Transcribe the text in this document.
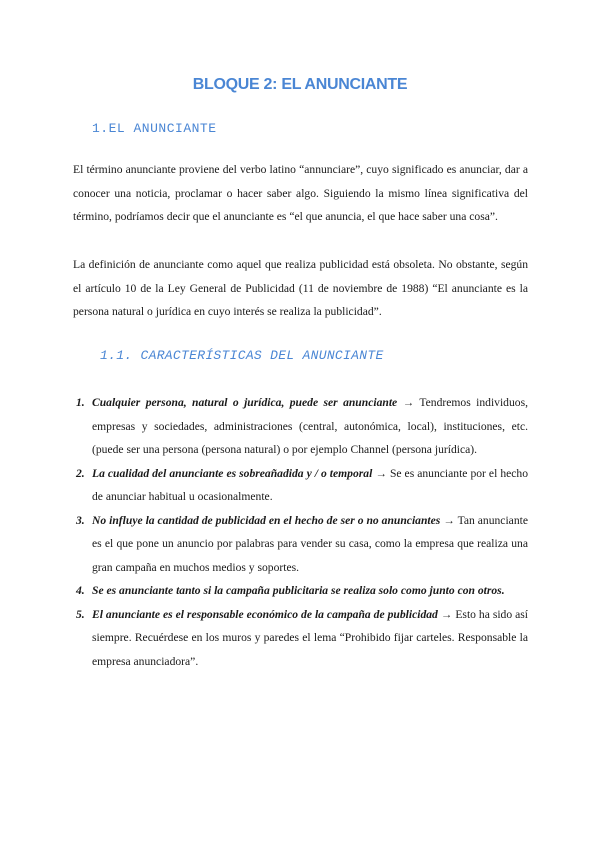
BLOQUE 2: EL ANUNCIANTE
1.EL ANUNCIANTE

El término anunciante proviene del verbo latino “annunciare”, cuyo significado es anunciar, dar a conocer una noticia, proclamar o hacer saber algo. Siguiendo la mismo línea significativa del término, podríamos decir que el anunciante es “el que anuncia, el que hace saber una cosa”.

La definición de anunciante como aquel que realiza publicidad está obsoleta. No obstante, según el artículo 10 de la Ley General de Publicidad (11 de noviembre de 1988) “El anunciante es la persona natural o jurídica en cuyo interés se realiza la publicidad”.

1.1. CARACTERÍSTICAS DEL ANUNCIANTE
1. Cualquier persona, natural o jurídica, puede ser anunciante → Tendremos individuos, empresas y sociedades, administraciones (central, autonómica, local), instituciones, etc. (puede ser una persona (persona natural) o por ejemplo Channel (persona jurídica).
2. La cualidad del anunciante es sobreañadida y / o temporal → Se es anunciante por el hecho de anunciar habitual u ocasionalmente.
3. No influye la cantidad de publicidad en el hecho de ser o no anunciantes → Tan anunciante es el que pone un anuncio por palabras para vender su casa, como la empresa que realiza una gran campaña en muchos medios y soportes.
4. Se es anunciante tanto si la campaña publicitaria se realiza solo como junto con otros.
5. El anunciante es el responsable económico de la campaña de publicidad → Esto ha sido así siempre. Recuérdese en los muros y paredes el lema “Prohibido fijar carteles. Responsable la empresa anunciadora”.
